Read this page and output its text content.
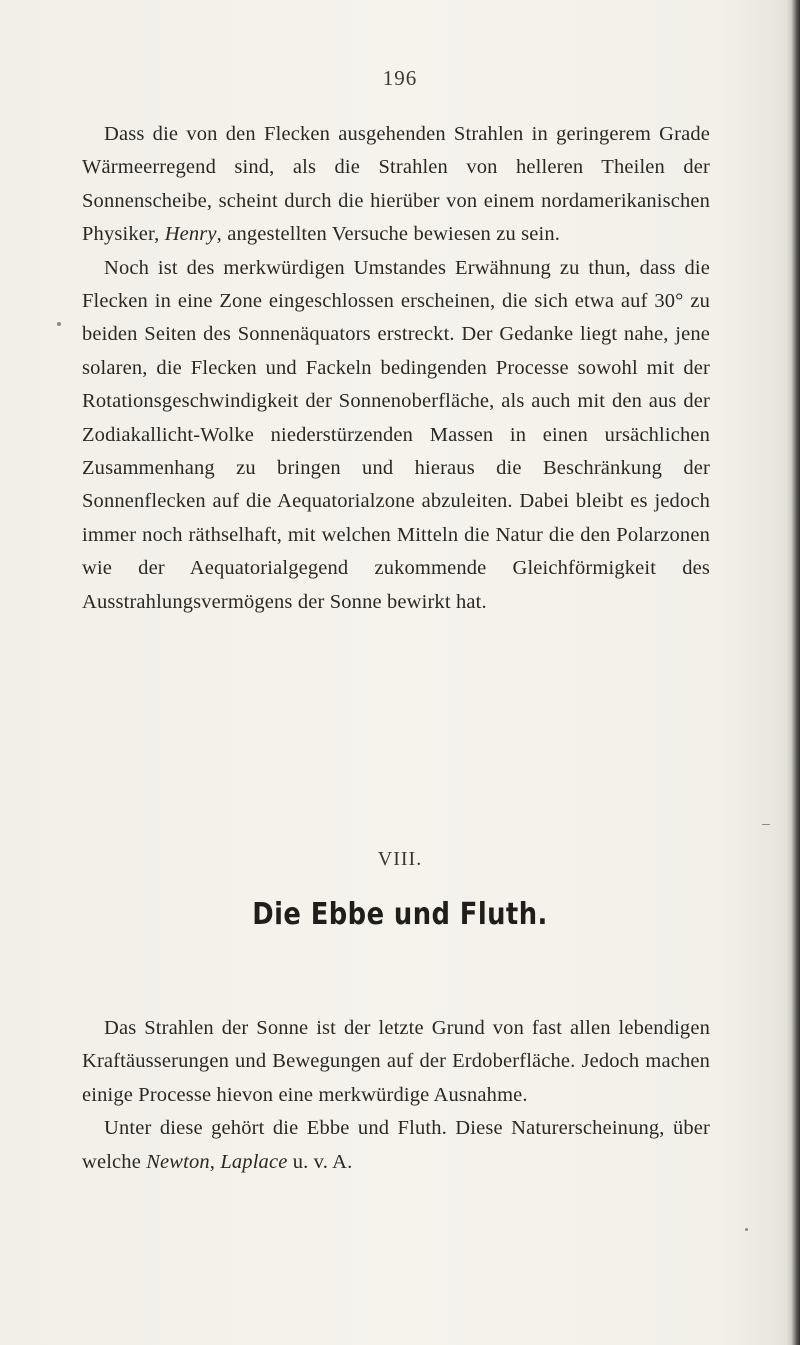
196

Dass die von den Flecken ausgehenden Strahlen in geringerem Grade Wärmeerregend sind, als die Strahlen von helleren Theilen der Sonnenscheibe, scheint durch die hierüber von einem nordamerikanischen Physiker, Henry, angestellten Versuche bewiesen zu sein.

Noch ist des merkwürdigen Umstandes Erwähnung zu thun, dass die Flecken in eine Zone eingeschlossen erscheinen, die sich etwa auf 30° zu beiden Seiten des Sonnenäquators erstreckt. Der Gedanke liegt nahe, jene solaren, die Flecken und Fackeln bedingenden Processe sowohl mit der Rotationsgeschwindigkeit der Sonnenoberfläche, als auch mit den aus der Zodiakallicht-Wolke niederstürzenden Massen in einen ursächlichen Zusammenhang zu bringen und hieraus die Beschränkung der Sonnenflecken auf die Aequatorialzone abzuleiten. Dabei bleibt es jedoch immer noch räthselhaft, mit welchen Mitteln die Natur die den Polarzonen wie der Aequatorialgegend zukommende Gleichförmigkeit des Ausstrahlungsvermögens der Sonne bewirkt hat.

VIII.
Die Ebbe und Fluth.

Das Strahlen der Sonne ist der letzte Grund von fast allen lebendigen Kraftäusserungen und Bewegungen auf der Erdoberfläche. Jedoch machen einige Processe hievon eine merkwürdige Ausnahme.

Unter diese gehört die Ebbe und Fluth. Diese Naturerscheinung, über welche Newton, Laplace u. v. A.
